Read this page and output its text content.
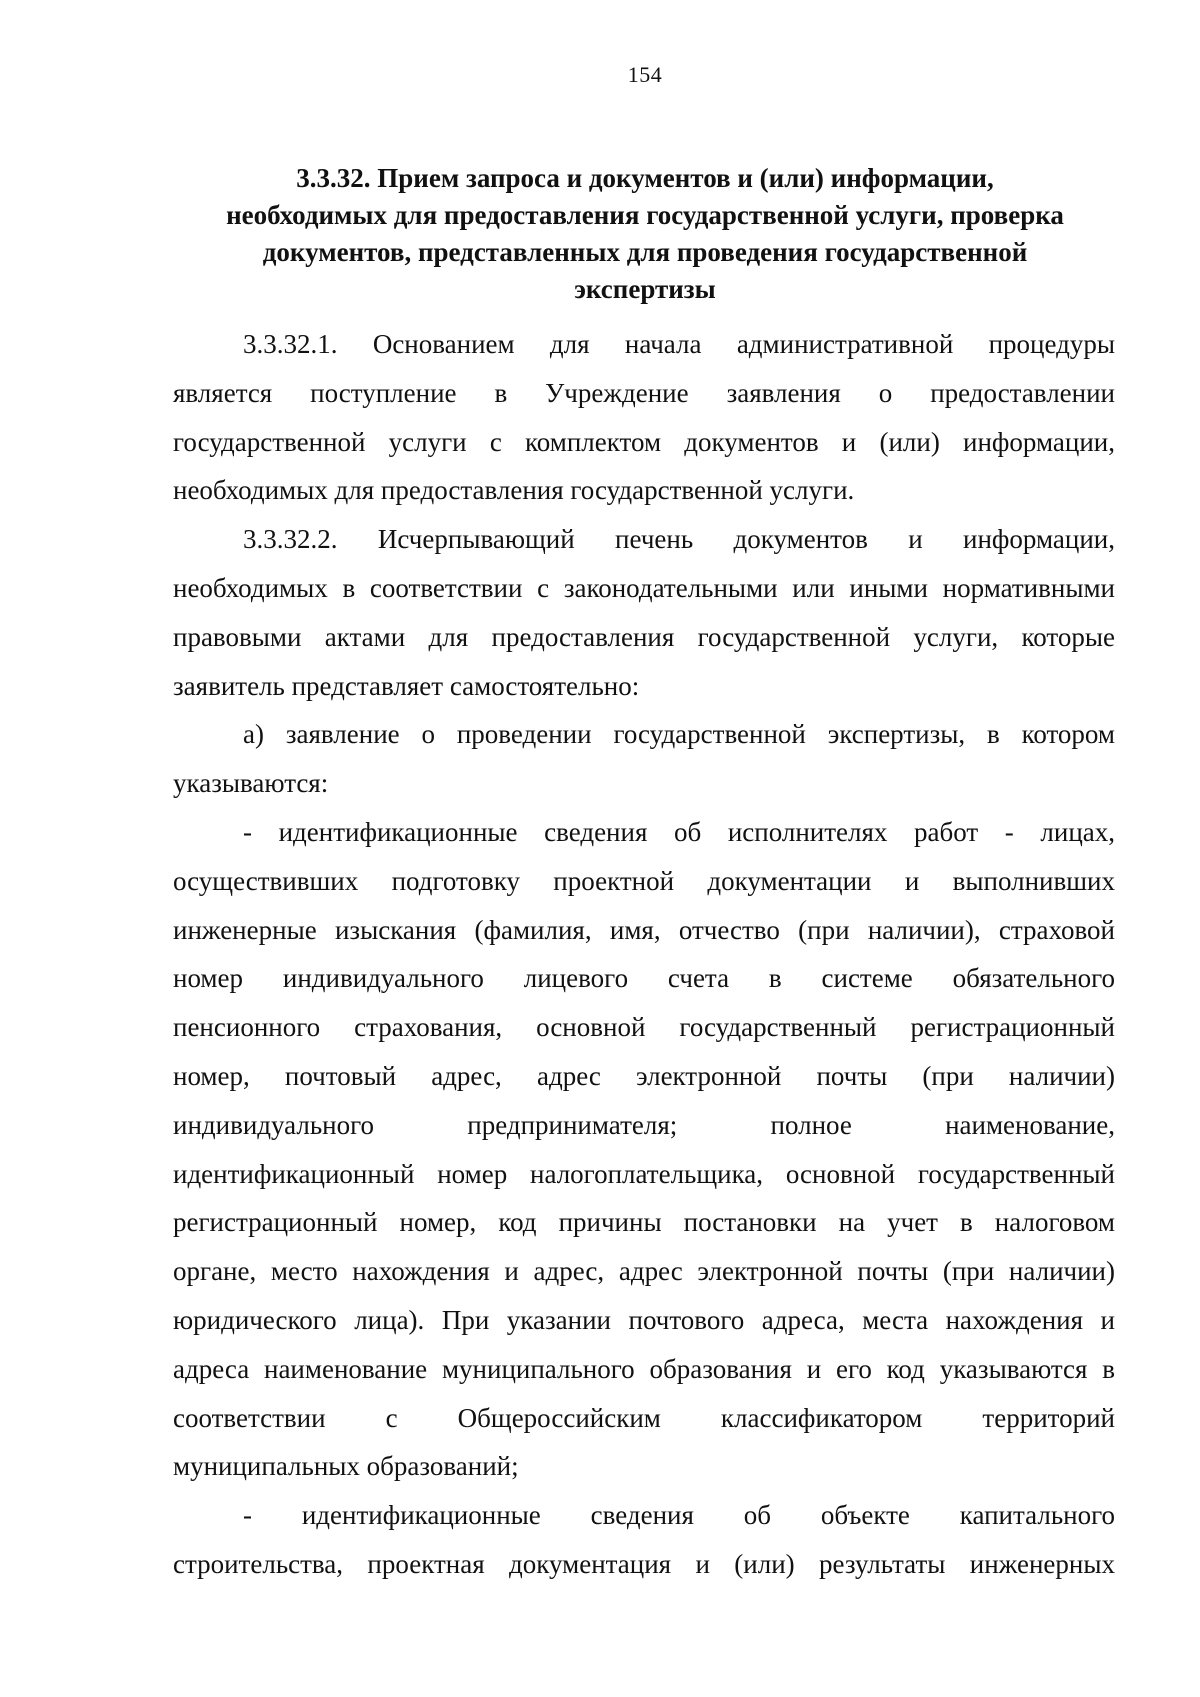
154
3.3.32. Прием запроса и документов и (или) информации,
необходимых для предоставления государственной услуги, проверка
документов, представленных для проведения государственной
экспертизы
3.3.32.1. Основанием для начала административной процедуры
является поступление в Учреждение заявления о предоставлении
государственной услуги с комплектом документов и (или) информации,
необходимых для предоставления государственной услуги.
3.3.32.2. Исчерпывающий печень документов и информации,
необходимых в соответствии с законодательными или иными нормативными
правовыми актами для предоставления государственной услуги, которые
заявитель представляет самостоятельно:
а) заявление о проведении государственной экспертизы, в котором
указываются:
- идентификационные сведения об исполнителях работ - лицах,
осуществивших подготовку проектной документации и выполнивших
инженерные изыскания (фамилия, имя, отчество (при наличии), страховой
номер индивидуального лицевого счета в системе обязательного
пенсионного страхования, основной государственный регистрационный
номер, почтовый адрес, адрес электронной почты (при наличии)
индивидуального предпринимателя; полное наименование,
идентификационный номер налогоплательщика, основной государственный
регистрационный номер, код причины постановки на учет в налоговом
органе, место нахождения и адрес, адрес электронной почты (при наличии)
юридического лица). При указании почтового адреса, места нахождения и
адреса наименование муниципального образования и его код указываются в
соответствии с Общероссийским классификатором территорий
муниципальных образований;
- идентификационные сведения об объекте капитального
строительства, проектная документация и (или) результаты инженерных
